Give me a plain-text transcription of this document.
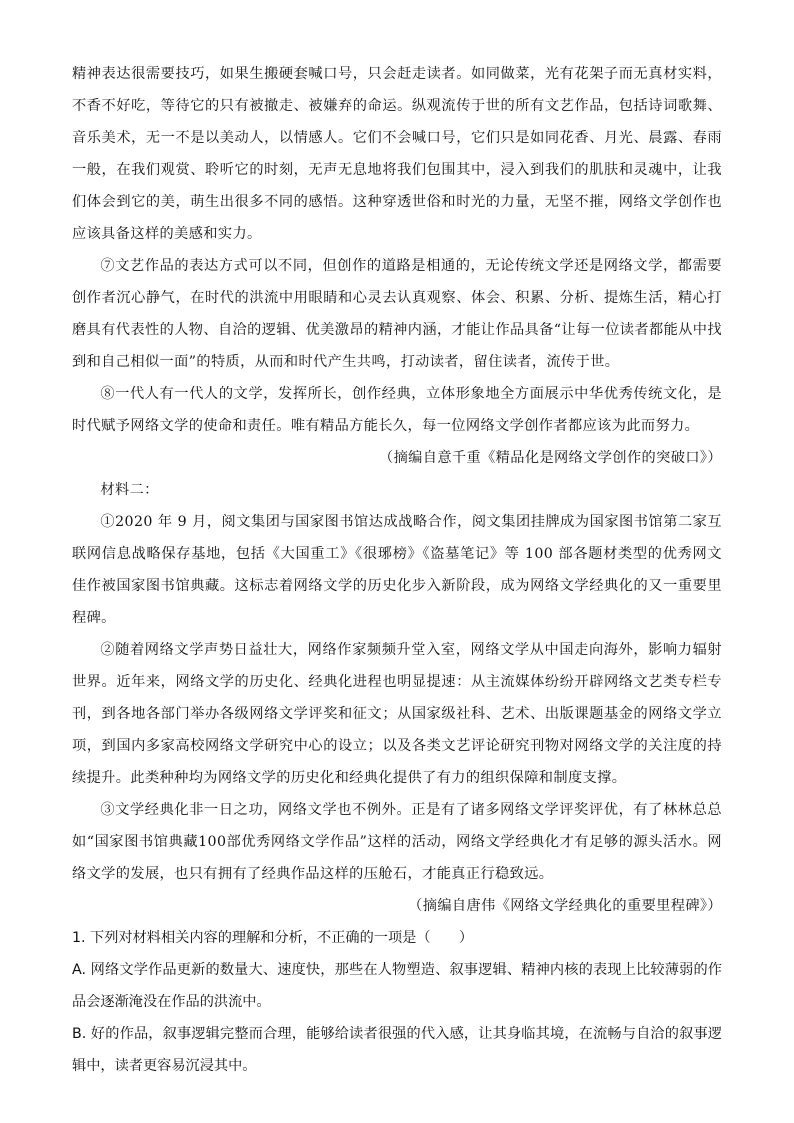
精神表达很需要技巧，如果生搬硬套喊口号，只会赶走读者。如同做菜，光有花架子而无真材实料，不香不好吃，等待它的只有被撤走、被嫌弃的命运。纵观流传于世的所有文艺作品，包括诗词歌舞、音乐美术，无一不是以美动人，以情感人。它们不会喊口号，它们只是如同花香、月光、晨露、春雨一般，在我们观赏、聆听它的时刻，无声无息地将我们包围其中，浸入到我们的肌肤和灵魂中，让我们体会到它的美，萌生出很多不同的感悟。这种穿透世俗和时光的力量，无坚不摧，网络文学创作也应该具备这样的美感和实力。

⑦文艺作品的表达方式可以不同，但创作的道路是相通的，无论传统文学还是网络文学，都需要创作者沉心静气，在时代的洪流中用眼睛和心灵去认真观察、体会、积累、分析、提炼生活，精心打磨具有代表性的人物、自洽的逻辑、优美激昂的精神内涵，才能让作品具备“让每一位读者都能从中找到和自己相似一面”的特质，从而和时代产生共鸣，打动读者，留住读者，流传于世。

⑧一代人有一代人的文学，发挥所长，创作经典，立体形象地全方面展示中华优秀传统文化，是时代赋予网络文学的使命和责任。唯有精品方能长久，每一位网络文学创作者都应该为此而努力。

（摘编自意千重《精品化是网络文学创作的突破口》）

材料二：

①2020 年 9 月，阅文集团与国家图书馆达成战略合作，阅文集团挂牌成为国家图书馆第二家互联网信息战略保存基地，包括《大国重工》《很琊榜》《盗墓笔记》等 100 部各题材类型的优秀网文佳作被国家图书馆典藏。这标志着网络文学的历史化步入新阶段，成为网络文学经典化的又一重要里程碑。

②随着网络文学声势日益壮大，网络作家频频升堂入室，网络文学从中国走向海外，影响力辐射世界。近年来，网络文学的历史化、经典化进程也明显提速：从主流媒体纷纷开辟网络文艺类专栏专刊，到各地各部门举办各级网络文学评奖和征文；从国家级社科、艺术、出版课题基金的网络文学立项，到国内多家高校网络文学研究中心的设立；以及各类文艺评论研究刊物对网络文学的关注度的持续提升。此类种种均为网络文学的历史化和经典化提供了有力的组织保障和制度支撑。

③文学经典化非一日之功，网络文学也不例外。正是有了诸多网络文学评奖评优，有了林林总总如“国家图书馆典藏100部优秀网络文学作品”这样的活动，网络文学经典化才有足够的源头活水。网络文学的发展，也只有拥有了经典作品这样的压舱石，才能真正行稳致远。

（摘编自唐伟《网络文学经典化的重要里程碑》）

1. 下列对材料相关内容的理解和分析，不正确的一项是（　　）

A. 网络文学作品更新的数量大、速度快，那些在人物塑造、叙事逻辑、精神内核的表现上比较薄弱的作品会逐渐淹没在作品的洪流中。

B. 好的作品，叙事逻辑完整而合理，能够给读者很强的代入感，让其身临其境，在流畅与自洽的叙事逻辑中，读者更容易沉浸其中。
